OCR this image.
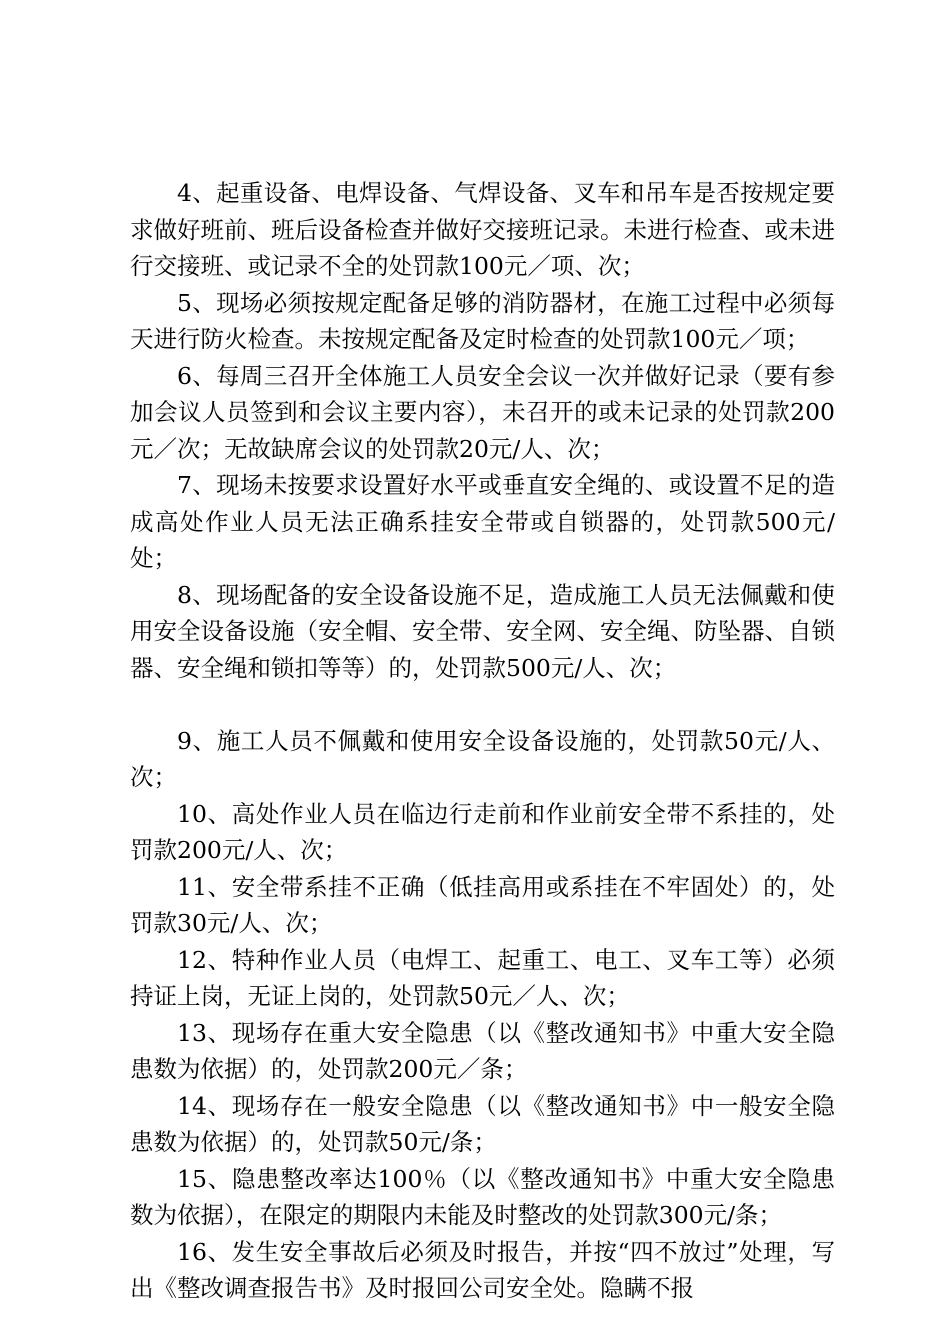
4、起重设备、电焊设备、气焊设备、叉车和吊车是否按规定要求做好班前、班后设备检查并做好交接班记录。未进行检查、或未进行交接班、或记录不全的处罚款100元／项、次；

5、现场必须按规定配备足够的消防器材，在施工过程中必须每天进行防火检查。未按规定配备及定时检查的处罚款100元／项；

6、每周三召开全体施工人员安全会议一次并做好记录（要有参加会议人员签到和会议主要内容），未召开的或未记录的处罚款200元／次；无故缺席会议的处罚款20元/人、次；

7、现场未按要求设置好水平或垂直安全绳的、或设置不足的造成高处作业人员无法正确系挂安全带或自锁器的，处罚款500元/处；

8、现场配备的安全设备设施不足，造成施工人员无法佩戴和使用安全设备设施（安全帽、安全带、安全网、安全绳、防坠器、自锁器、安全绳和锁扣等等）的，处罚款500元/人、次；

9、施工人员不佩戴和使用安全设备设施的，处罚款50元/人、次；

10、高处作业人员在临边行走前和作业前安全带不系挂的，处罚款200元/人、次；

11、安全带系挂不正确（低挂高用或系挂在不牢固处）的，处罚款30元/人、次；

12、特种作业人员（电焊工、起重工、电工、叉车工等）必须持证上岗，无证上岗的，处罚款50元／人、次；

13、现场存在重大安全隐患（以《整改通知书》中重大安全隐患数为依据）的，处罚款200元／条；

14、现场存在一般安全隐患（以《整改通知书》中一般安全隐患数为依据）的，处罚款50元/条；

15、隐患整改率达100％（以《整改通知书》中重大安全隐患数为依据），在限定的期限内未能及时整改的处罚款300元/条；

16、发生安全事故后必须及时报告，并按“四不放过”处理，写出《整改调查报告书》及时报回公司安全处。隐瞒不报
